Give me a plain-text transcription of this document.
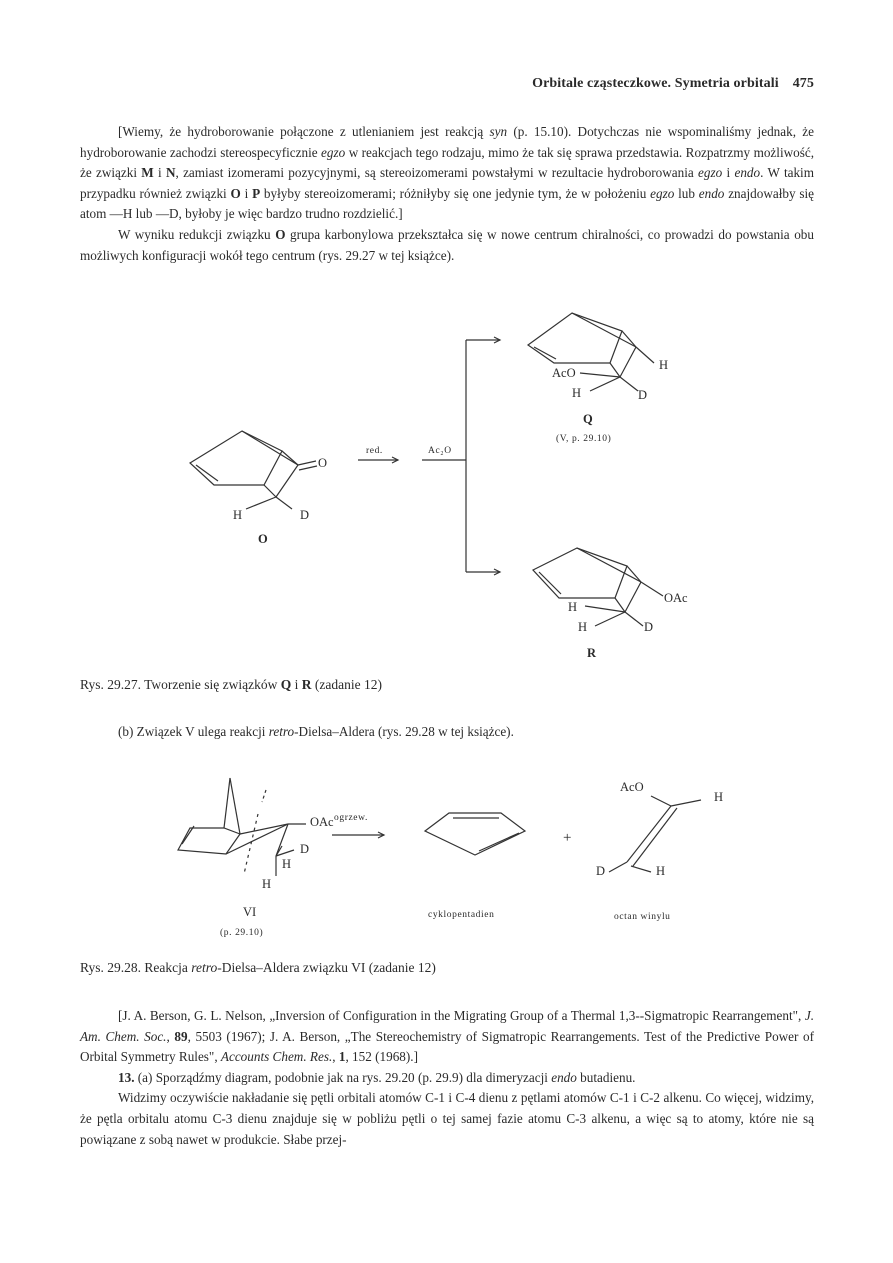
Orbitale cząsteczkowe. Symetria orbitali 475

[Wiemy, że hydroborowanie połączone z utlenianiem jest reakcją syn (p. 15.10). Dotychczas nie wspominaliśmy jednak, że hydroborowanie zachodzi stereospecyficznie egzo w reakcjach tego rodzaju, mimo że tak się sprawa przedstawia. Rozpatrzmy możliwość, że związki M i N, zamiast izomerami pozycyjnymi, są stereoizomerami powstałymi w rezultacie hydroborowania egzo i endo. W takim przypadku również związki O i P byłyby stereoizomerami; różniłyby się one jedynie tym, że w położeniu egzo lub endo znajdowałby się atom —H lub —D, byłoby je więc bardzo trudno rozdzielić.]

W wyniku redukcji związku O grupa karbonylowa przekształca się w nowe centrum chiralności, co prowadzi do powstania obu możliwych konfiguracji wokół tego centrum (rys. 29.27 w tej książce).

O
H	D
O
red.	Ac₂O
AcO
H
H	D
Q
(V, p. 29.10)
OAc
H
H	D
R
Rys. 29.27. Tworzenie się związków Q i R (zadanie 12)

(b) Związek V ulega reakcji retro-Dielsa–Aldera (rys. 29.28 w tej książce).

OAc
D
H
H
VI
(p. 29.10)
ogrzew.
cyklopentadien
+
AcO
H
D	H
octan winylu
Rys. 29.28. Reakcja retro-Dielsa–Aldera związku VI (zadanie 12)

[J. A. Berson, G. L. Nelson, „Inversion of Configuration in the Migrating Group of a Thermal 1,3--Sigmatropic Rearrangement", J. Am. Chem. Soc., 89, 5503 (1967); J. A. Berson, „The Stereochemistry of Sigmatropic Rearrangements. Test of the Predictive Power of Orbital Symmetry Rules", Accounts Chem. Res., 1, 152 (1968).]

13. (a) Sporządźmy diagram, podobnie jak na rys. 29.20 (p. 29.9) dla dimeryzacji endo butadienu.

Widzimy oczywiście nakładanie się pętli orbitali atomów C-1 i C-4 dienu z pętlami atomów C-1 i C-2 alkenu. Co więcej, widzimy, że pętla orbitalu atomu C-3 dienu znajduje się w pobliżu pętli o tej samej fazie atomu C-3 alkenu, a więc są to atomy, które nie są powiązane z sobą nawet w produkcie. Słabe przej-
